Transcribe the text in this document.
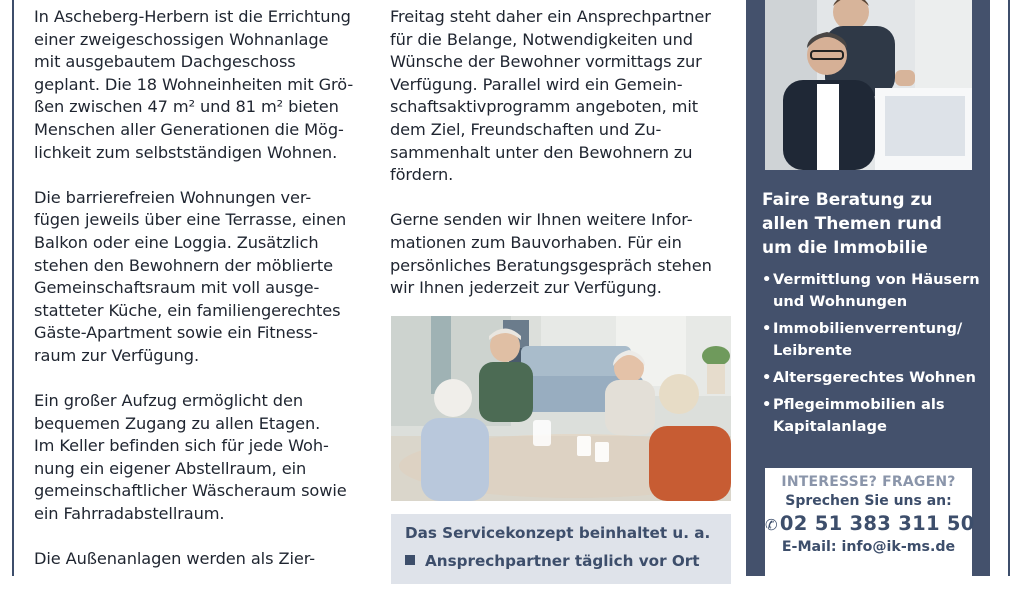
In Ascheberg-Herbern ist die Errichtung
einer zweigeschossigen Wohnanlage
mit ausgebautem Dachgeschoss
geplant. Die 18 Wohneinheiten mit Grö-
ßen zwischen 47 m² und 81 m² bieten
Menschen aller Generationen die Mög-
lichkeit zum selbstständigen Wohnen.

Die barrierefreien Wohnungen ver-
fügen jeweils über eine Terrasse, einen
Balkon oder eine Loggia. Zusätzlich
stehen den Bewohnern der möblierte
Gemeinschaftsraum mit voll ausge-
statteter Küche, ein familiengerechtes
Gäste-Apartment sowie ein Fitness-
raum zur Verfügung.

Ein großer Aufzug ermöglicht den
bequemen Zugang zu allen Etagen.
Im Keller befinden sich für jede Woh-
nung ein eigener Abstellraum, ein
gemeinschaftlicher Wäscheraum sowie
ein Fahrradabstellraum.

Die Außenanlagen werden als Zier-

Freitag steht daher ein Ansprechpartner
für die Belange, Notwendigkeiten und
Wünsche der Bewohner vormittags zur
Verfügung. Parallel wird ein Gemein-
schaftsaktivprogramm angeboten, mit
dem Ziel, Freundschaften und Zu-
sammenhalt unter den Bewohnern zu
fördern.

Gerne senden wir Ihnen weitere Infor-
mationen zum Bauvorhaben. Für ein
persönliches Beratungsgespräch stehen
wir Ihnen jederzeit zur Verfügung.

Das Servicekonzept beinhaltet u. a.
Ansprechpartner täglich vor Ort
Faire Beratung zu
allen Themen rund
um die Immobilie
• Vermittlung von Häusern
und Wohnungen
• Immobilienverrentung/
Leibrente
• Altersgerechtes Wohnen
• Pflegeimmobilien als
Kapitalanlage
INTERESSE? FRAGEN?
Sprechen Sie uns an:
✆ 02 51 383 311 50
E-Mail: info@ik-ms.de
